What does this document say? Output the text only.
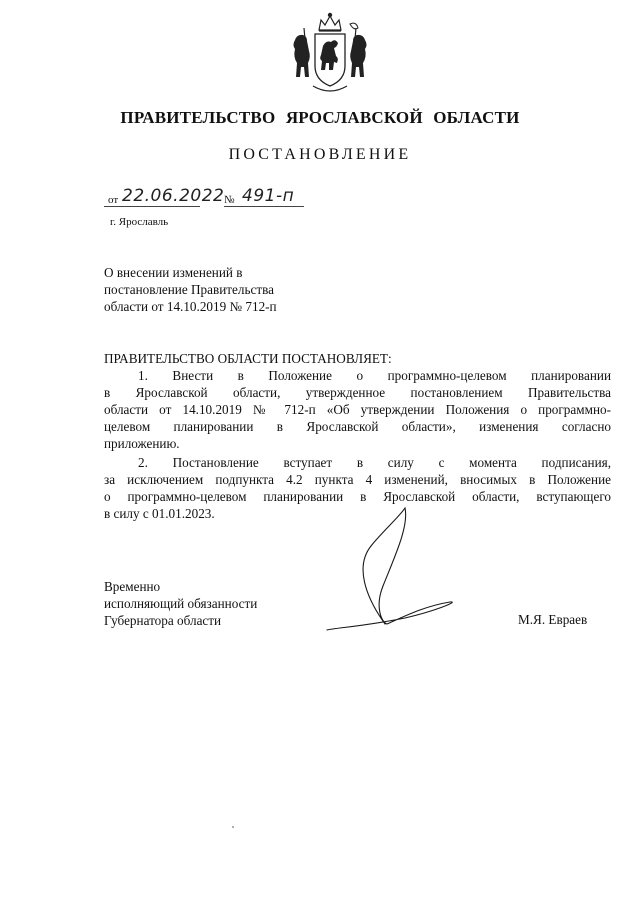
ПРАВИТЕЛЬСТВО ЯРОСЛАВСКОЙ ОБЛАСТИ
ПОСТАНОВЛЕНИЕ
от 22.06.2022 № 491-п
г. Ярославль
О внесении изменений в
постановление Правительства
области от 14.10.2019 № 712-п
ПРАВИТЕЛЬСТВО ОБЛАСТИ ПОСТАНОВЛЯЕТ:
1. Внести в Положение о программно-целевом планировании
в Ярославской области, утвержденное постановлением Правительства
области от 14.10.2019 № 712-п «Об утверждении Положения о программно-
целевом планировании в Ярославской области», изменения согласно
приложению.
2. Постановление вступает в силу с момента подписания,
за исключением подпункта 4.2 пункта 4 изменений, вносимых в Положение
о программно-целевом планировании в Ярославской области, вступающего
в силу с 01.01.2023.
Временно
исполняющий обязанности
Губернатора области	М.Я. Евраев
